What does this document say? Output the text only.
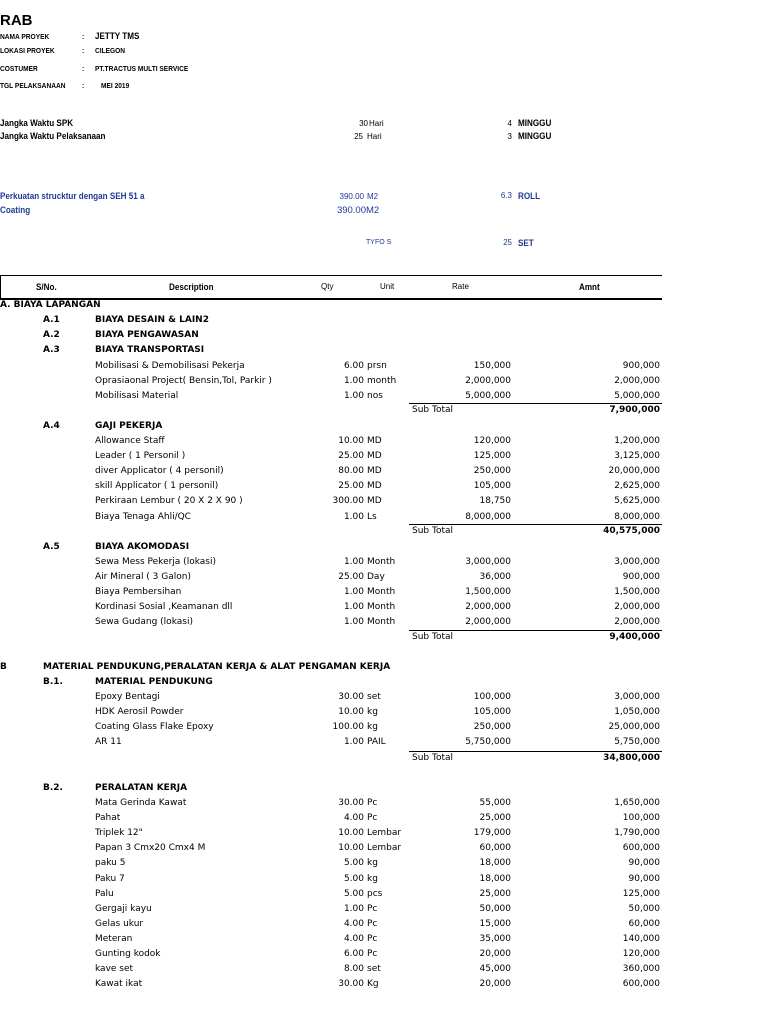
RAB
NAMA PROYEK	: JETTY TMS
LOKASI PROYEK	: CILEGON
COSTUMER	: PT.TRACTUS MULTI SERVICE
TGL PELAKSANAAN : MEI 2019
Jangka Waktu SPK	30 Hari	4 MINGGU
Jangka Waktu Pelaksanaan	25 Hari	3 MINGGU
Perkuatan strucktur dengan SEH 51 a	390.00 M2	6.3 ROLL
Coating	390.00 M2
TYFO S	25 SET
S/No.	Description	Qty	Unit	Rate	Amnt
A. BIAYA LAPANGAN
A.1	BIAYA DESAIN & LAIN2
A.2	BIAYA PENGAWASAN
A.3	BIAYA TRANSPORTASI
Mobilisasi & Demobilisasi Pekerja	6.00 prsn	150,000	900,000
Oprasiaonal Project( Bensin,Tol, Parkir )	1.00 month	2,000,000	2,000,000
Mobilisasi Material	1.00 nos	5,000,000	5,000,000
Sub Total	7,900,000
A.4	GAJI PEKERJA
Allowance Staff	10.00 MD	120,000	1,200,000
Leader ( 1 Personil )	25.00 MD	125,000	3,125,000
diver Applicator ( 4 personil)	80.00 MD	250,000	20,000,000
skill Applicator ( 1 personil)	25.00 MD	105,000	2,625,000
Perkiraan Lembur ( 20 X 2 X 90 )	300.00 MD	18,750	5,625,000
Biaya Tenaga Ahli/QC	1.00 Ls	8,000,000	8,000,000
Sub Total	40,575,000
A.5	BIAYA AKOMODASI
Sewa Mess Pekerja (lokasi)	1.00 Month	3,000,000	3,000,000
Air Mineral ( 3 Galon)	25.00 Day	36,000	900,000
Biaya Pembersihan	1.00 Month	1,500,000	1,500,000
Kordinasi Sosial ,Keamanan dll	1.00 Month	2,000,000	2,000,000
Sewa Gudang (lokasi)	1.00 Month	2,000,000	2,000,000
Sub Total	9,400,000
B	MATERIAL PENDUKUNG,PERALATAN KERJA & ALAT PENGAMAN KERJA
B.1.	MATERIAL PENDUKUNG
Epoxy Bentagi	30.00 set	100,000	3,000,000
HDK Aerosil Powder	10.00 kg	105,000	1,050,000
Coating Glass Flake Epoxy	100.00 kg	250,000	25,000,000
AR 11	1.00 PAIL	5,750,000	5,750,000
Sub Total	34,800,000
B.2.	PERALATAN KERJA
Mata Gerinda Kawat	30.00 Pc	55,000	1,650,000
Pahat	4.00 Pc	25,000	100,000
Triplek 12"	10.00 Lembar	179,000	1,790,000
Papan 3 Cmx20 Cmx4 M	10.00 Lembar	60,000	600,000
paku 5	5.00 kg	18,000	90,000
Paku 7	5.00 kg	18,000	90,000
Palu	5.00 pcs	25,000	125,000
Gergaji kayu	1.00 Pc	50,000	50,000
Gelas ukur	4.00 Pc	15,000	60,000
Meteran	4.00 Pc	35,000	140,000
Gunting kodok	6.00 Pc	20,000	120,000
kave set	8.00 set	45,000	360,000
Kawat ikat	30.00 Kg	20,000	600,000
